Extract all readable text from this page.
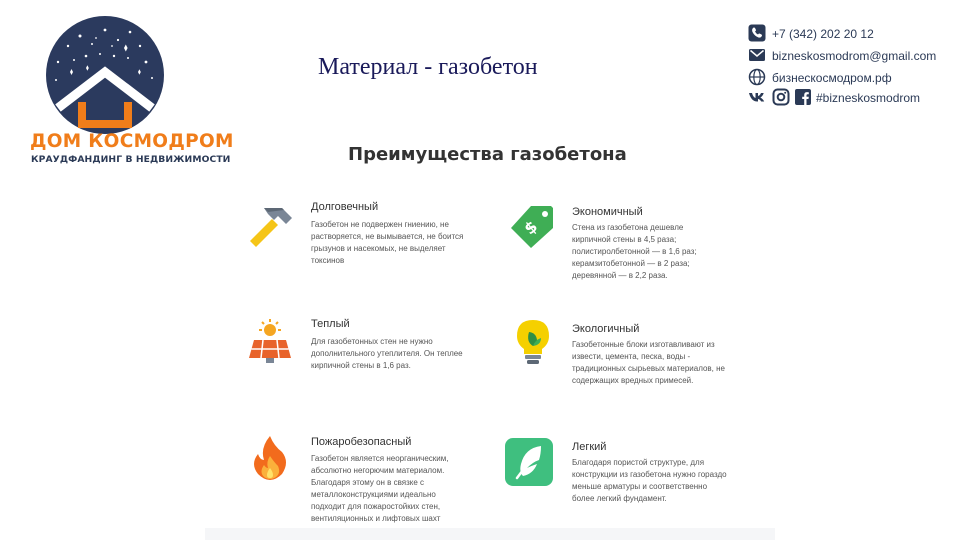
ДОМ КОСМОДРОМ
КРАУДФАНДИНГ В НЕДВИЖИМОСТИ
Материал - газобетон
+7 (342) 202 20 12
bizneskosmodrom@gmail.com
бизнескосмодром.рф
#bizneskosmodrom
Преимущества газобетона
Долговечный
Газобетон не подвержен гниению, не растворяется, не вымывается, не боится грызунов и насекомых, не выделяет токсинов
$
Экономичный
Стена из газобетона дешевле кирпичной стены в 4,5 раза; полистиролбетонной — в 1,6 раз; керамзитобетонной — в 2 раза; деревянной — в 2,2 раза.
Теплый
Для газобетонных стен не нужно дополнительного утеплителя. Он теплее кирпичной стены в 1,6 раз.
Экологичный
Газобетонные блоки изготавливают из извести, цемента, песка, воды - традиционных сырьевых материалов, не содержащих вредных примесей.
Пожаробезопасный
Газобетон является неорганическим, абсолютно негорючим материалом. Благодаря этому он в связке с металлоконструкциями идеально подходит для пожаростойких стен, вентиляционных и лифтовых шахт
Легкий
Благодаря пористой структуре, для конструкции из газобетона нужно гораздо меньше арматуры и соответственно более легкий фундамент.
